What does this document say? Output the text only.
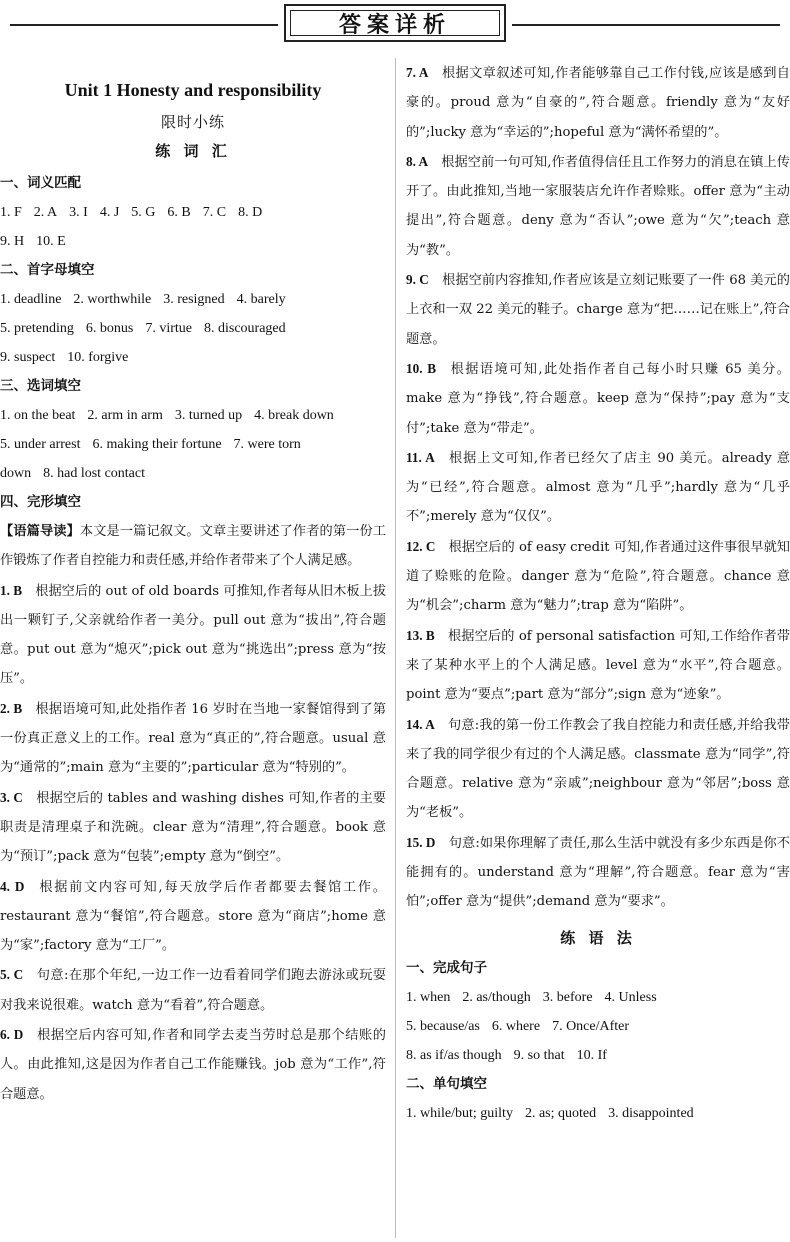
答案详析
Unit 1 Honesty and responsibility
限时小练
练 词 汇
一、词义匹配
1. F 2. A 3. I 4. J 5. G 6. B 7. C 8. D
9. H 10. E
二、首字母填空
1. deadline 2. worthwhile 3. resigned 4. barely
5. pretending 6. bonus 7. virtue 8. discouraged
9. suspect 10. forgive
三、选词填空
1. on the beat 2. arm in arm 3. turned up 4. break down
5. under arrest 6. making their fortune 7. were torn
down 8. had lost contact
四、完形填空
【语篇导读】本文是一篇记叙文。文章主要讲述了作者的第一份工作锻炼了作者自控能力和责任感,并给作者带来了个人满足感。
1. B  根据空后的 out of old boards 可推知,作者每从旧木板上拔出一颗钉子,父亲就给作者一美分。pull out 意为“拔出”,符合题意。put out 意为“熄灭”;pick out 意为“挑选出”;press 意为“按压”。
2. B  根据语境可知,此处指作者 16 岁时在当地一家餐馆得到了第一份真正意义上的工作。real 意为“真正的”,符合题意。usual 意为“通常的”;main 意为“主要的”;particular 意为“特别的”。
3. C  根据空后的 tables and washing dishes 可知,作者的主要职责是清理桌子和洗碗。clear 意为“清理”,符合题意。book 意为“预订”;pack 意为“包装”;empty 意为“倒空”。
4. D  根据前文内容可知,每天放学后作者都要去餐馆工作。restaurant 意为“餐馆”,符合题意。store 意为“商店”;home 意为“家”;factory 意为“工厂”。
5. C  句意:在那个年纪,一边工作一边看着同学们跑去游泳或玩耍对我来说很难。watch 意为“看着”,符合题意。
6. D  根据空后内容可知,作者和同学去麦当劳时总是那个结账的人。由此推知,这是因为作者自己工作能赚钱。job 意为“工作”,符合题意。
7. A  根据文章叙述可知,作者能够靠自己工作付钱,应该是感到自豪的。proud 意为“自豪的”,符合题意。friendly 意为“友好的”;lucky 意为“幸运的”;hopeful 意为“满怀希望的”。
8. A  根据空前一句可知,作者值得信任且工作努力的消息在镇上传开了。由此推知,当地一家服装店允许作者赊账。offer 意为“主动提出”,符合题意。deny 意为“否认”;owe 意为“欠”;teach 意为“教”。
9. C  根据空前内容推知,作者应该是立刻记账要了一件 68 美元的上衣和一双 22 美元的鞋子。charge 意为“把……记在账上”,符合题意。
10. B  根据语境可知,此处指作者自己每小时只赚 65 美分。make 意为“挣钱”,符合题意。keep 意为“保持”;pay 意为“支付”;take 意为“带走”。
11. A  根据上文可知,作者已经欠了店主 90 美元。already 意为“已经”,符合题意。almost 意为“几乎”;hardly 意为“几乎不”;merely 意为“仅仅”。
12. C  根据空后的 of easy credit 可知,作者通过这件事很早就知道了赊账的危险。danger 意为“危险”,符合题意。chance 意为“机会”;charm 意为“魅力”;trap 意为“陷阱”。
13. B  根据空后的 of personal satisfaction 可知,工作给作者带来了某种水平上的个人满足感。level 意为“水平”,符合题意。point 意为“要点”;part 意为“部分”;sign 意为“迹象”。
14. A  句意:我的第一份工作教会了我自控能力和责任感,并给我带来了我的同学很少有过的个人满足感。classmate 意为“同学”,符合题意。relative 意为“亲戚”;neighbour 意为“邻居”;boss 意为“老板”。
15. D  句意:如果你理解了责任,那么生活中就没有多少东西是你不能拥有的。understand 意为“理解”,符合题意。fear 意为“害怕”;offer 意为“提供”;demand 意为“要求”。
练 语 法
一、完成句子
1. when 2. as/though 3. before 4. Unless
5. because/as 6. where 7. Once/After
8. as if/as though 9. so that 10. If
二、单句填空
1. while/but; guilty 2. as; quoted 3. disappointed
